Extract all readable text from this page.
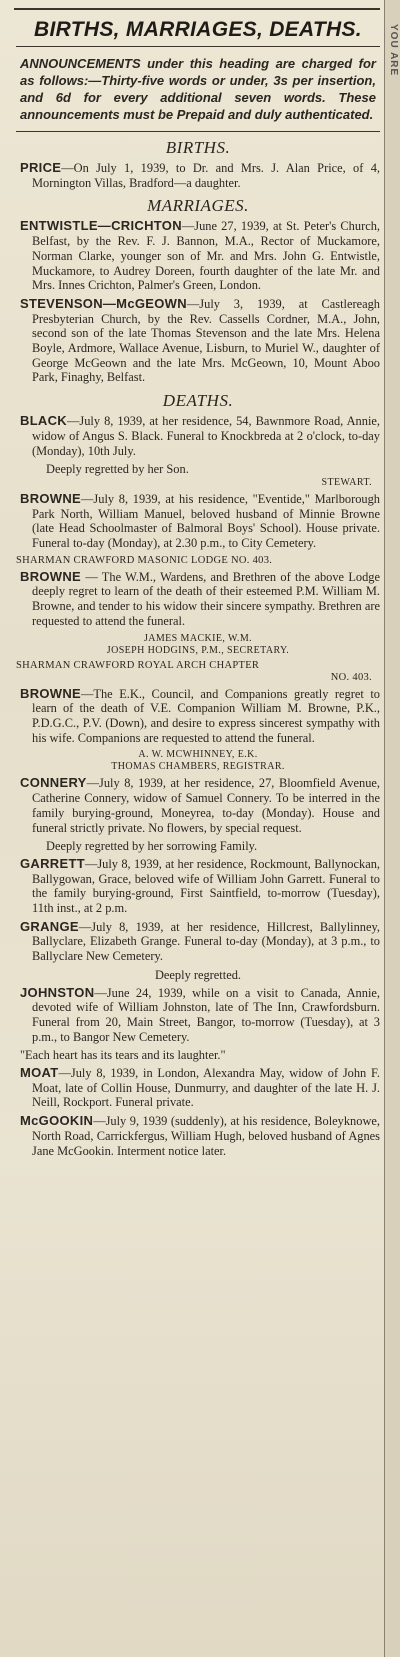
YOU ARE
BIRTHS, MARRIAGES, DEATHS.
ANNOUNCEMENTS under this heading are charged for as follows:—Thirty-five words or under, 3s per insertion, and 6d for every additional seven words. These announcements must be Prepaid and duly authenticated.
BIRTHS.
PRICE—On July 1, 1939, to Dr. and Mrs. J. Alan Price, of 4, Mornington Villas, Bradford—a daughter.
MARRIAGES.
ENTWISTLE—CRICHTON—June 27, 1939, at St. Peter's Church, Belfast, by the Rev. F. J. Bannon, M.A., Rector of Muckamore, Norman Clarke, younger son of Mr. and Mrs. John G. Entwistle, Muckamore, to Audrey Doreen, fourth daughter of the late Mr. and Mrs. Innes Crichton, Palmer's Green, London.
STEVENSON—McGEOWN—July 3, 1939, at Castlereagh Presbyterian Church, by the Rev. Cassells Cordner, M.A., John, second son of the late Thomas Stevenson and the late Mrs. Helena Boyle, Ardmore, Wallace Avenue, Lisburn, to Muriel W., daughter of George McGeown and the late Mrs. McGeown, 10, Mount Aboo Park, Finaghy, Belfast.
DEATHS.
BLACK—July 8, 1939, at her residence, 54, Bawnmore Road, Annie, widow of Angus S. Black. Funeral to Knockbreda at 2 o'clock, to-day (Monday), 10th July.
Deeply regretted by her Son.
STEWART.
BROWNE—July 8, 1939, at his residence, "Eventide," Marlborough Park North, William Manuel, beloved husband of Minnie Browne (late Head Schoolmaster of Balmoral Boys' School). House private. Funeral to-day (Monday), at 2.30 p.m., to City Cemetery.
SHARMAN CRAWFORD MASONIC LODGE NO. 403.
BROWNE — The W.M., Wardens, and Brethren of the above Lodge deeply regret to learn of the death of their esteemed P.M. William M. Browne, and tender to his widow their sincere sympathy. Brethren are requested to attend the funeral.
JAMES MACKIE, W.M.
JOSEPH HODGINS, P.M., SECRETARY.
SHARMAN CRAWFORD ROYAL ARCH CHAPTER
NO. 403.
BROWNE—The E.K., Council, and Companions greatly regret to learn of the death of V.E. Companion William M. Browne, P.K., P.D.G.C., P.V. (Down), and desire to express sincerest sympathy with his wife. Companions are requested to attend the funeral.
A. W. MCWHINNEY, E.K.
THOMAS CHAMBERS, REGISTRAR.
CONNERY—July 8, 1939, at her residence, 27, Bloomfield Avenue, Catherine Connery, widow of Samuel Connery. To be interred in the family burying-ground, Moneyrea, to-day (Monday). House and funeral strictly private. No flowers, by special request.
Deeply regretted by her sorrowing Family.
GARRETT—July 8, 1939, at her residence, Rockmount, Ballynockan, Ballygowan, Grace, beloved wife of William John Garrett. Funeral to the family burying-ground, First Saintfield, to-morrow (Tuesday), 11th inst., at 2 p.m.
GRANGE—July 8, 1939, at her residence, Hillcrest, Ballylinney, Ballyclare, Elizabeth Grange. Funeral to-day (Monday), at 3 p.m., to Ballyclare New Cemetery.
Deeply regretted.
JOHNSTON—June 24, 1939, while on a visit to Canada, Annie, devoted wife of William Johnston, late of The Inn, Crawfordsburn. Funeral from 20, Main Street, Bangor, to-morrow (Tuesday), at 3 p.m., to Bangor New Cemetery.
"Each heart has its tears and its laughter."
MOAT—July 8, 1939, in London, Alexandra May, widow of John F. Moat, late of Collin House, Dunmurry, and daughter of the late H. J. Neill, Rockport. Funeral private.
McGOOKIN—July 9, 1939 (suddenly), at his residence, Boleyknowe, North Road, Carrickfergus, William Hugh, beloved husband of Agnes Jane McGookin. Interment notice later.
